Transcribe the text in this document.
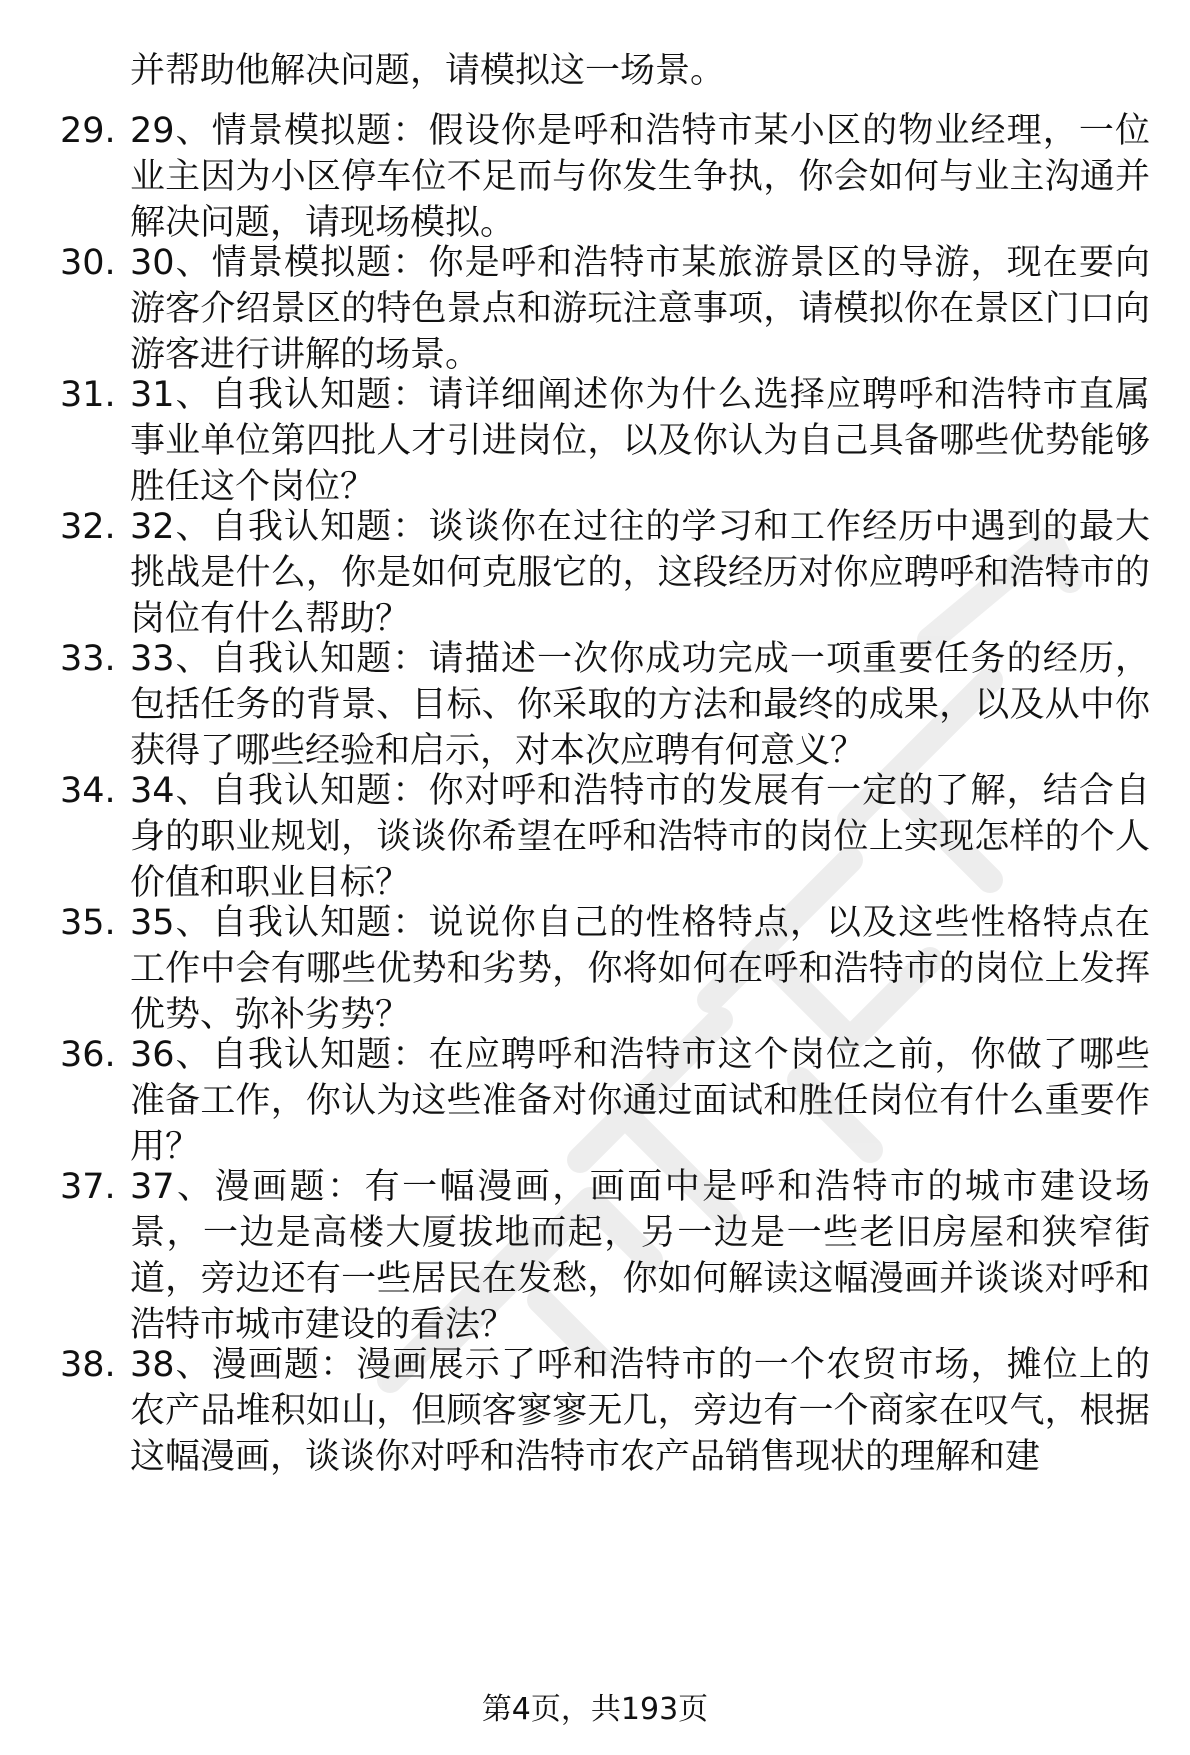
并帮助他解决问题，请模拟这一场景。

29. 29、情景模拟题：假设你是呼和浩特市某小区的物业经理，一位业主因为小区停车位不足而与你发生争执，你会如何与业主沟通并解决问题，请现场模拟。

30. 30、情景模拟题：你是呼和浩特市某旅游景区的导游，现在要向游客介绍景区的特色景点和游玩注意事项，请模拟你在景区门口向游客进行讲解的场景。

31. 31、自我认知题：请详细阐述你为什么选择应聘呼和浩特市直属事业单位第四批人才引进岗位，以及你认为自己具备哪些优势能够胜任这个岗位？

32. 32、自我认知题：谈谈你在过往的学习和工作经历中遇到的最大挑战是什么，你是如何克服它的，这段经历对你应聘呼和浩特市的岗位有什么帮助？

33. 33、自我认知题：请描述一次你成功完成一项重要任务的经历，包括任务的背景、目标、你采取的方法和最终的成果，以及从中你获得了哪些经验和启示，对本次应聘有何意义？

34. 34、自我认知题：你对呼和浩特市的发展有一定的了解，结合自身的职业规划，谈谈你希望在呼和浩特市的岗位上实现怎样的个人价值和职业目标？

35. 35、自我认知题：说说你自己的性格特点，以及这些性格特点在工作中会有哪些优势和劣势，你将如何在呼和浩特市的岗位上发挥优势、弥补劣势？

36. 36、自我认知题：在应聘呼和浩特市这个岗位之前，你做了哪些准备工作，你认为这些准备对你通过面试和胜任岗位有什么重要作用？

37. 37、漫画题：有一幅漫画，画面中是呼和浩特市的城市建设场景，一边是高楼大厦拔地而起，另一边是一些老旧房屋和狭窄街道，旁边还有一些居民在发愁，你如何解读这幅漫画并谈谈对呼和浩特市城市建设的看法？

38. 38、漫画题：漫画展示了呼和浩特市的一个农贸市场，摊位上的农产品堆积如山，但顾客寥寥无几，旁边有一个商家在叹气，根据这幅漫画，谈谈你对呼和浩特市农产品销售现状的理解和建

第4页，共193页
